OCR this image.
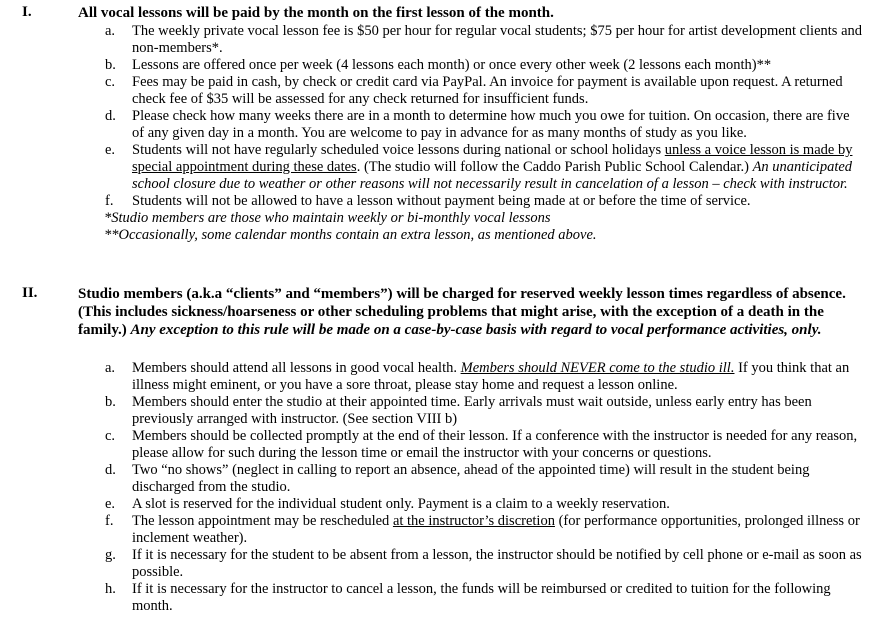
I.	All vocal lessons will be paid by the month on the first lesson of the month.
a. The weekly private vocal lesson fee is $50 per hour for regular vocal students; $75 per hour for artist development clients and non-members*.
b. Lessons are offered once per week (4 lessons each month) or once every other week (2 lessons each month)**
c. Fees may be paid in cash, by check or credit card via PayPal. An invoice for payment is available upon request. A returned check fee of $35 will be assessed for any check returned for insufficient funds.
d. Please check how many weeks there are in a month to determine how much you owe for tuition. On occasion, there are five of any given day in a month. You are welcome to pay in advance for as many months of study as you like.
e. Students will not have regularly scheduled voice lessons during national or school holidays unless a voice lesson is made by special appointment during these dates. (The studio will follow the Caddo Parish Public School Calendar.) An unanticipated school closure due to weather or other reasons will not necessarily result in cancelation of a lesson – check with instructor.
f. Students will not be allowed to have a lesson without payment being made at or before the time of service.
*Studio members are those who maintain weekly or bi-monthly vocal lessons
**Occasionally, some calendar months contain an extra lesson, as mentioned above.
II.	Studio members (a.k.a “clients” and “members”) will be charged for reserved weekly lesson times regardless of absence. (This includes sickness/hoarseness or other scheduling problems that might arise, with the exception of a death in the family.) Any exception to this rule will be made on a case-by-case basis with regard to vocal performance activities, only.
a. Members should attend all lessons in good vocal health. Members should NEVER come to the studio ill. If you think that an illness might eminent, or you have a sore throat, please stay home and request a lesson online.
b. Members should enter the studio at their appointed time. Early arrivals must wait outside, unless early entry has been previously arranged with instructor. (See section VIII b)
c. Members should be collected promptly at the end of their lesson. If a conference with the instructor is needed for any reason, please allow for such during the lesson time or email the instructor with your concerns or questions.
d. Two “no shows” (neglect in calling to report an absence, ahead of the appointed time) will result in the student being discharged from the studio.
e. A slot is reserved for the individual student only. Payment is a claim to a weekly reservation.
f. The lesson appointment may be rescheduled at the instructor’s discretion (for performance opportunities, prolonged illness or inclement weather).
g. If it is necessary for the student to be absent from a lesson, the instructor should be notified by cell phone or e-mail as soon as possible.
h. If it is necessary for the instructor to cancel a lesson, the funds will be reimbursed or credited to tuition for the following month.
